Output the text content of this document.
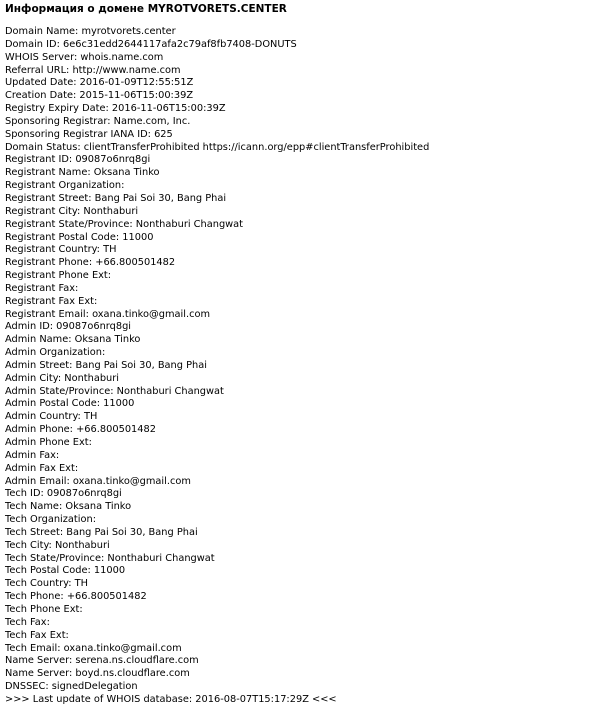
Информация о домене MYROTVORETS.CENTER
Domain Name: myrotvorets.center
Domain ID: 6e6c31edd2644117afa2c79af8fb7408-DONUTS
WHOIS Server: whois.name.com
Referral URL: http://www.name.com
Updated Date: 2016-01-09T12:55:51Z
Creation Date: 2015-11-06T15:00:39Z
Registry Expiry Date: 2016-11-06T15:00:39Z
Sponsoring Registrar: Name.com, Inc.
Sponsoring Registrar IANA ID: 625
Domain Status: clientTransferProhibited https://icann.org/epp#clientTransferProhibited
Registrant ID: 09087o6nrq8gi
Registrant Name: Oksana Tinko
Registrant Organization:
Registrant Street: Bang Pai Soi 30, Bang Phai
Registrant City: Nonthaburi
Registrant State/Province: Nonthaburi Changwat
Registrant Postal Code: 11000
Registrant Country: TH
Registrant Phone: +66.800501482
Registrant Phone Ext:
Registrant Fax:
Registrant Fax Ext:
Registrant Email: oxana.tinko@gmail.com
Admin ID: 09087o6nrq8gi
Admin Name: Oksana Tinko
Admin Organization:
Admin Street: Bang Pai Soi 30, Bang Phai
Admin City: Nonthaburi
Admin State/Province: Nonthaburi Changwat
Admin Postal Code: 11000
Admin Country: TH
Admin Phone: +66.800501482
Admin Phone Ext:
Admin Fax:
Admin Fax Ext:
Admin Email: oxana.tinko@gmail.com
Tech ID: 09087o6nrq8gi
Tech Name: Oksana Tinko
Tech Organization:
Tech Street: Bang Pai Soi 30, Bang Phai
Tech City: Nonthaburi
Tech State/Province: Nonthaburi Changwat
Tech Postal Code: 11000
Tech Country: TH
Tech Phone: +66.800501482
Tech Phone Ext:
Tech Fax:
Tech Fax Ext:
Tech Email: oxana.tinko@gmail.com
Name Server: serena.ns.cloudflare.com
Name Server: boyd.ns.cloudflare.com
DNSSEC: signedDelegation
>>> Last update of WHOIS database: 2016-08-07T15:17:29Z <<<
